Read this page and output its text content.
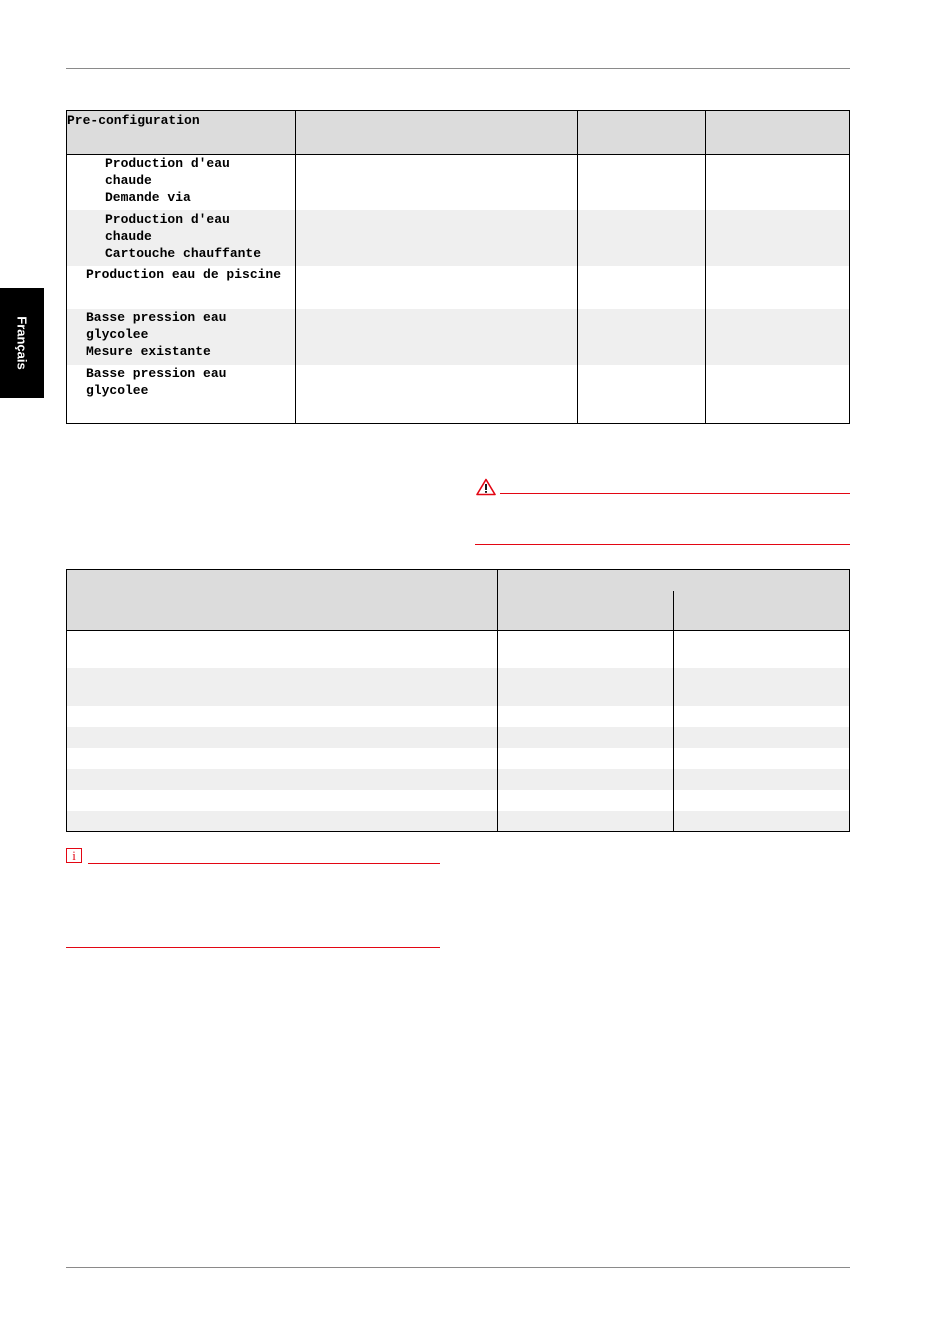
Français
Pre-configuration
Production d'eau
chaude
Demande via
Production d'eau
chaude
Cartouche chauffante
Production eau de piscine
Basse pression eau
glycolee
Mesure existante
Basse pression eau
glycolee
i
